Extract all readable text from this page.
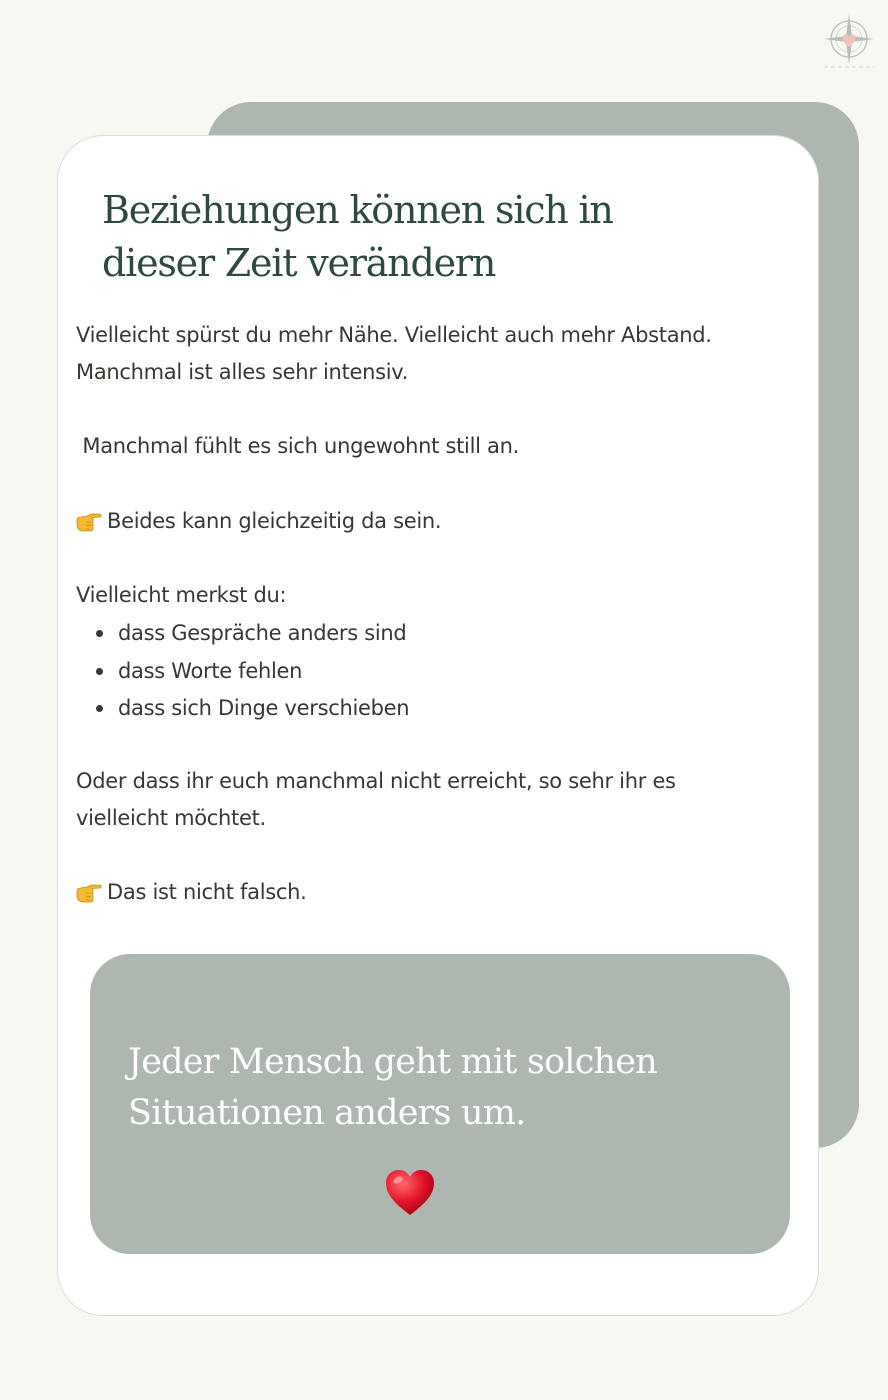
Beziehungen können sich in
dieser Zeit verändern

Vielleicht spürst du mehr Nähe. Vielleicht auch mehr Abstand.
Manchmal ist alles sehr intensiv.

Manchmal fühlt es sich ungewohnt still an.

Beides kann gleichzeitig da sein.

Vielleicht merkst du:

dass Gespräche anders sind
dass Worte fehlen
dass sich Dinge verschieben

Oder dass ihr euch manchmal nicht erreicht, so sehr ihr es
vielleicht möchtet.

Das ist nicht falsch.

Jeder Mensch geht mit solchen
Situationen anders um.
